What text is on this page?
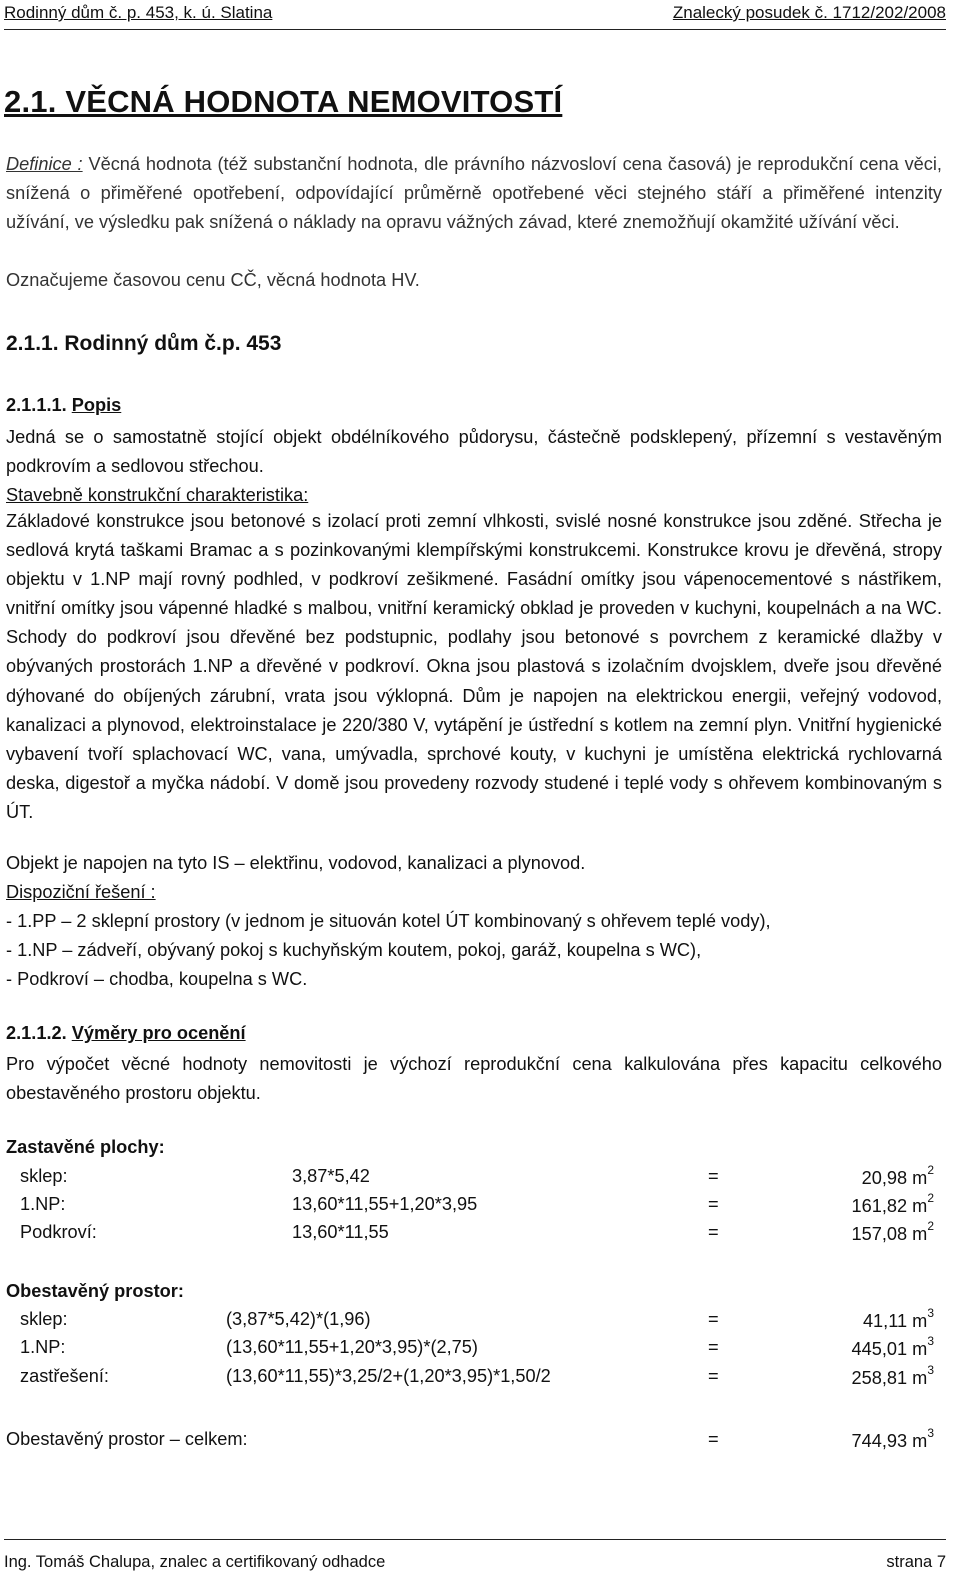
Rodinný dům č. p. 453, k. ú. Slatina	Znalecký posudek č. 1712/202/2008
2.1. VĚCNÁ HODNOTA NEMOVITOSTÍ

Definice : Věcná hodnota (též substanční hodnota, dle právního názvosloví cena časová) je reprodukční cena věci, snížená o přiměřené opotřebení, odpovídající průměrně opotřebené věci stejného stáří a přiměřené intenzity užívání, ve výsledku pak snížená o náklady na opravu vážných závad, které znemožňují okamžité užívání věci.

Označujeme časovou cenu CČ, věcná hodnota HV.

2.1.1. Rodinný dům č.p. 453
2.1.1.1. Popis

Jedná se o samostatně stojící objekt obdélníkového půdorysu, částečně podsklepený, přízemní s vestavěným podkrovím a sedlovou střechou.

Stavebně konstrukční charakteristika:

Základové konstrukce jsou betonové s izolací proti zemní vlhkosti, svislé nosné konstrukce jsou zděné. Střecha je sedlová krytá taškami Bramac a s pozinkovanými klempířskými konstrukcemi. Konstrukce krovu je dřevěná, stropy objektu v 1.NP mají rovný podhled, v podkroví zešikmené. Fasádní omítky jsou vápenocementové s nástřikem, vnitřní omítky jsou vápenné hladké s malbou, vnitřní keramický obklad je proveden v kuchyni, koupelnách a na WC. Schody do podkroví jsou dřevěné bez podstupnic, podlahy jsou betonové s povrchem z keramické dlažby v obývaných prostorách 1.NP a dřevěné v podkroví. Okna jsou plastová s izolačním dvojsklem, dveře jsou dřevěné dýhované do obíjených zárubní, vrata jsou výklopná. Dům je napojen na elektrickou energii, veřejný vodovod, kanalizaci a plynovod, elektroinstalace je 220/380 V, vytápění je ústřední s kotlem na zemní plyn. Vnitřní hygienické vybavení tvoří splachovací WC, vana, umývadla, sprchové kouty, v kuchyni je umístěna elektrická rychlovarná deska, digestoř a myčka nádobí. V domě jsou provedeny rozvody studené i teplé vody s ohřevem kombinovaným s ÚT.

Objekt je napojen na tyto IS – elektřinu, vodovod, kanalizaci a plynovod.

Dispoziční řešení :

- 1.PP – 2 sklepní prostory (v jednom je situován kotel ÚT kombinovaný s ohřevem teplé vody),

- 1.NP – zádveří, obývaný pokoj s kuchyňským koutem, pokoj, garáž, koupelna s WC),

- Podkroví – chodba, koupelna s WC.

2.1.1.2. Výměry pro ocenění

Pro výpočet věcné hodnoty nemovitosti je výchozí reprodukční cena kalkulována přes kapacitu celkového obestavěného prostoru objektu.

Zastavěné plochy:
sklep:	3,87*5,42	=	20,98 $m^2$
1.NP:	13,60*11,55+1,20*3,95	=	161,82 $m^2$
Podkroví:	13,60*11,55	=	157,08 $m^2$
Obestavěný prostor:
sklep:	(3,87*5,42)*(1,96)	=	41,11 $m^3$
1.NP:	(13,60*11,55+1,20*3,95)*(2,75)	=	445,01 $m^3$
zastřešení:	(13,60*11,55)*3,25/2+(1,20*3,95)*1,50/2	=	258,81 $m^3$
Obestavěný prostor – celkem:	=	744,93 $m^3$
Ing. Tomáš Chalupa, znalec a certifikovaný odhadce	strana 7
